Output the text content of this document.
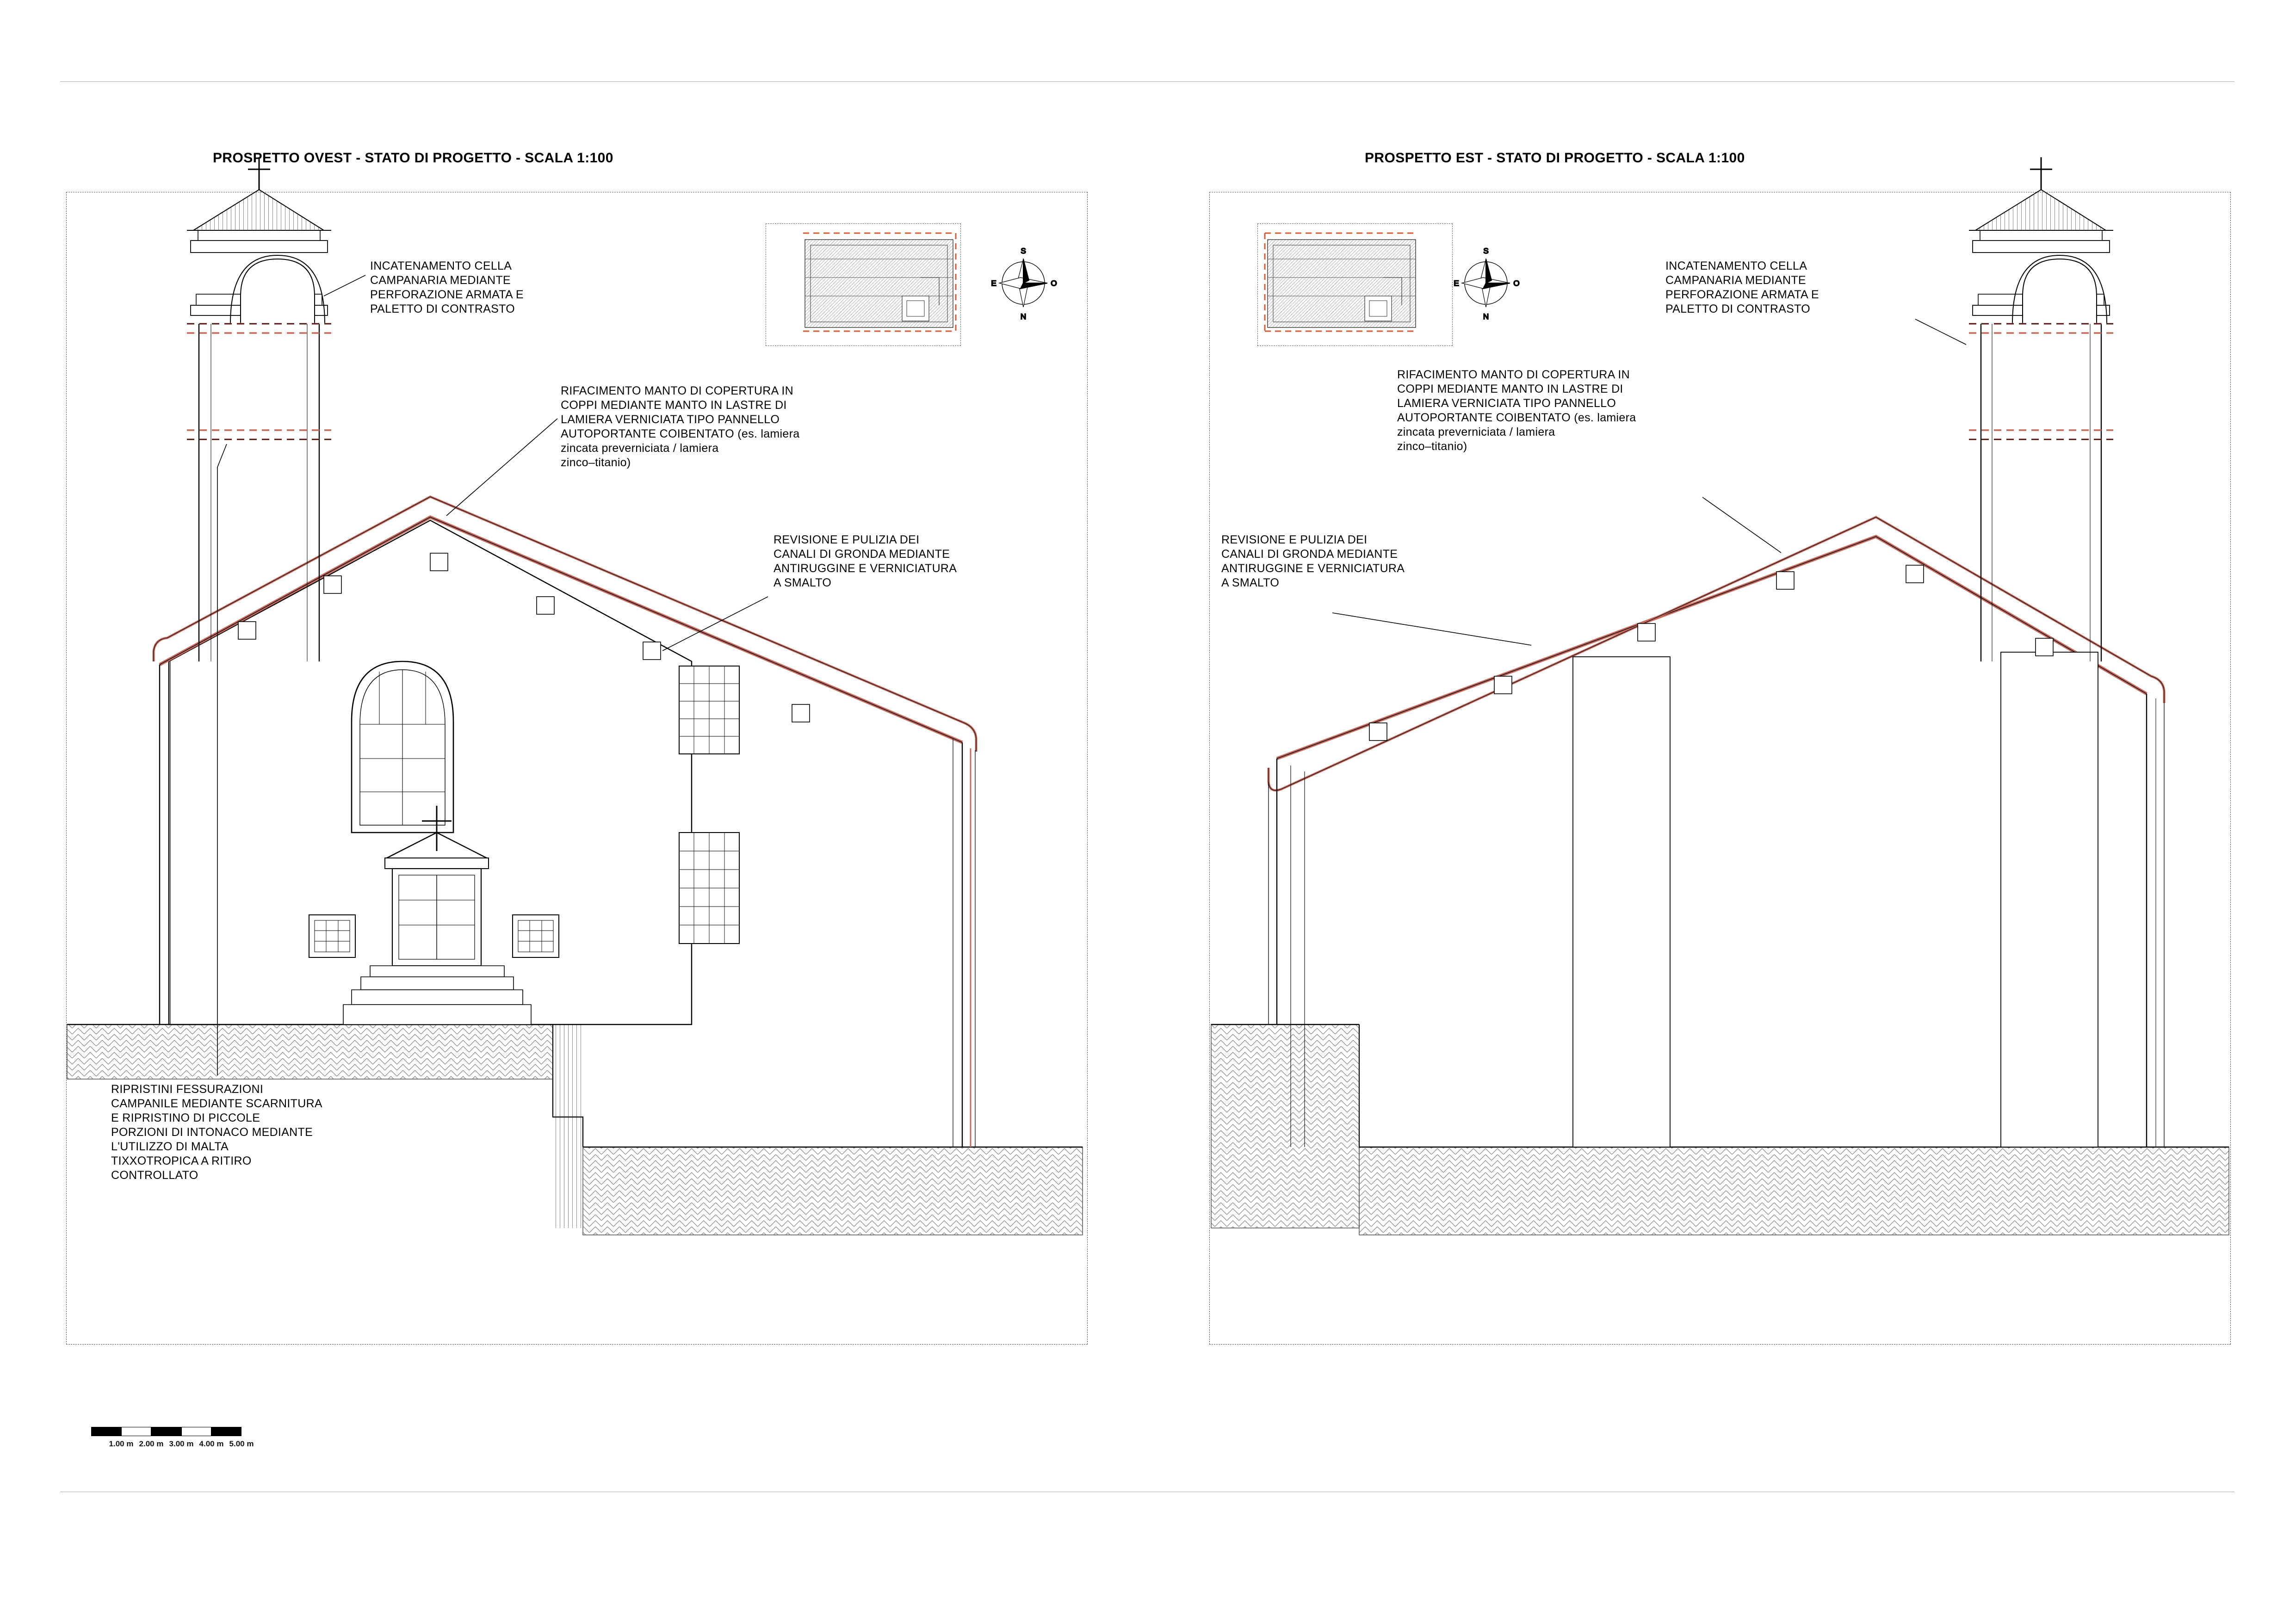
PROSPETTO OVEST - STATO DI PROGETTO - SCALA 1:100	PROSPETTO EST - STATO DI PROGETTO - SCALA 1:100
INCATENAMENTO CELLA
CAMPANARIA MEDIANTE
PERFORAZIONE ARMATA E
PALETTO DI CONTRASTO
RIFACIMENTO MANTO DI COPERTURA IN
COPPI MEDIANTE MANTO IN LASTRE DI
LAMIERA VERNICIATA TIPO PANNELLO
AUTOPORTANTE COIBENTATO (es. lamiera
zincata preverniciata / lamiera
zinco–titanio)
REVISIONE E PULIZIA DEI
CANALI DI GRONDA MEDIANTE
ANTIRUGGINE E VERNICIATURA
A SMALTO
RIPRISTINI FESSURAZIONI
CAMPANILE MEDIANTE SCARNITURA
E RIPRISTINO DI PICCOLE
PORZIONI DI INTONACO MEDIANTE
L'UTILIZZO DI MALTA
TIXXOTROPICA A RITIRO
CONTROLLATO
INCATENAMENTO CELLA
CAMPANARIA MEDIANTE
PERFORAZIONE ARMATA E
PALETTO DI CONTRASTO
RIFACIMENTO MANTO DI COPERTURA IN
COPPI MEDIANTE MANTO IN LASTRE DI
LAMIERA VERNICIATA TIPO PANNELLO
AUTOPORTANTE COIBENTATO (es. lamiera
zincata preverniciata / lamiera
zinco–titanio)
REVISIONE E PULIZIA DEI
CANALI DI GRONDA MEDIANTE
ANTIRUGGINE E VERNICIATURA
A SMALTO
1.00 m 2.00 m 3.00 m 4.00 m 5.00 m
S
N
O
E
S
N
O
E
